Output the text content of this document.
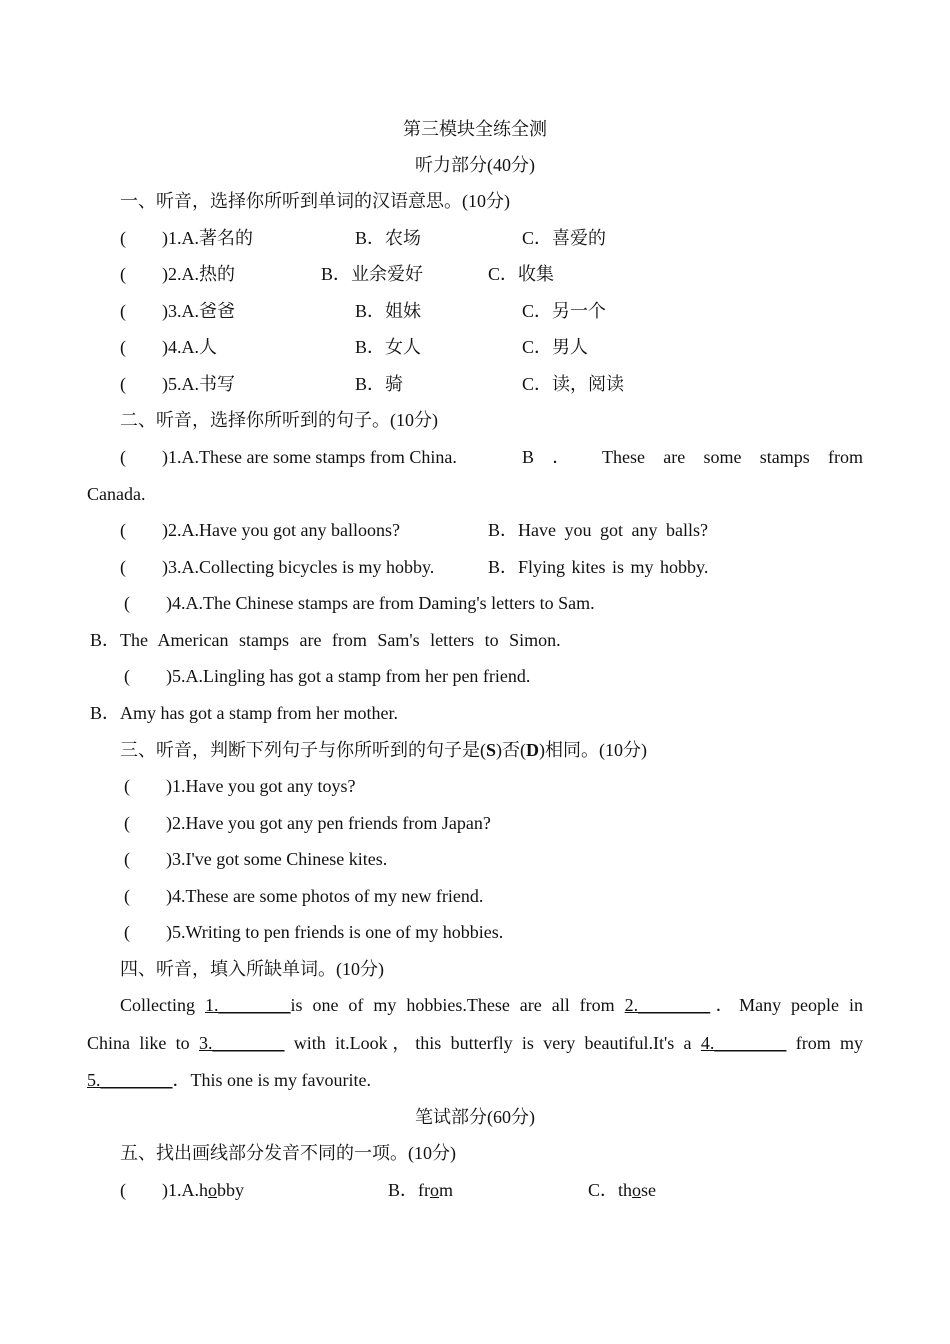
第三模块全练全测
听力部分(40分)
一、听音，选择你所听到单词的汉语意思。(10分)
(　　)1.A.著名的	B．农场	C．喜爱的
(　　)2.A.热的	B．业余爱好	C．收集
(　　)3.A.爸爸	B．姐妹	C．另一个
(　　)4.A.人	B．女人	C．男人
(　　)5.A.书写	B．骑	C．读，阅读
二、听音，选择你所听到的句子。(10分)
(　　)1.A.These are some stamps from China.	B ． These are some stamps from
Canada.
(　　)2.A.Have you got any balloons?	B．Have you got any balls?
(　　)3.A.Collecting bicycles is my hobby.	B．Flying kites is my hobby.
(　　)4.A.The Chinese stamps are from Daming's letters to Sam.
B．The American stamps are from Sam's letters to Simon.
(　　)5.A.Lingling has got a stamp from her pen friend.
B．Amy has got a stamp from her mother.
三、听音，判断下列句子与你所听到的句子是(S)否(D)相同。(10分)
(　　)1.Have you got any toys?
(　　)2.Have you got any pen friends from Japan?
(　　)3.I've got some Chinese kites.
(　　)4.These are some photos of my new friend.
(　　)5.Writing to pen friends is one of my hobbies.
四、听音，填入所缺单词。(10分)
Collecting 1.________is one of my hobbies.These are all from 2.________．Many people in
China like to 3.________ with it.Look，this butterfly is very beautiful.It's a 4.________ from my
5.________．This one is my favourite.
笔试部分(60分)
五、找出画线部分发音不同的一项。(10分)
(　　)1.A.hobby	B．from	C．those
